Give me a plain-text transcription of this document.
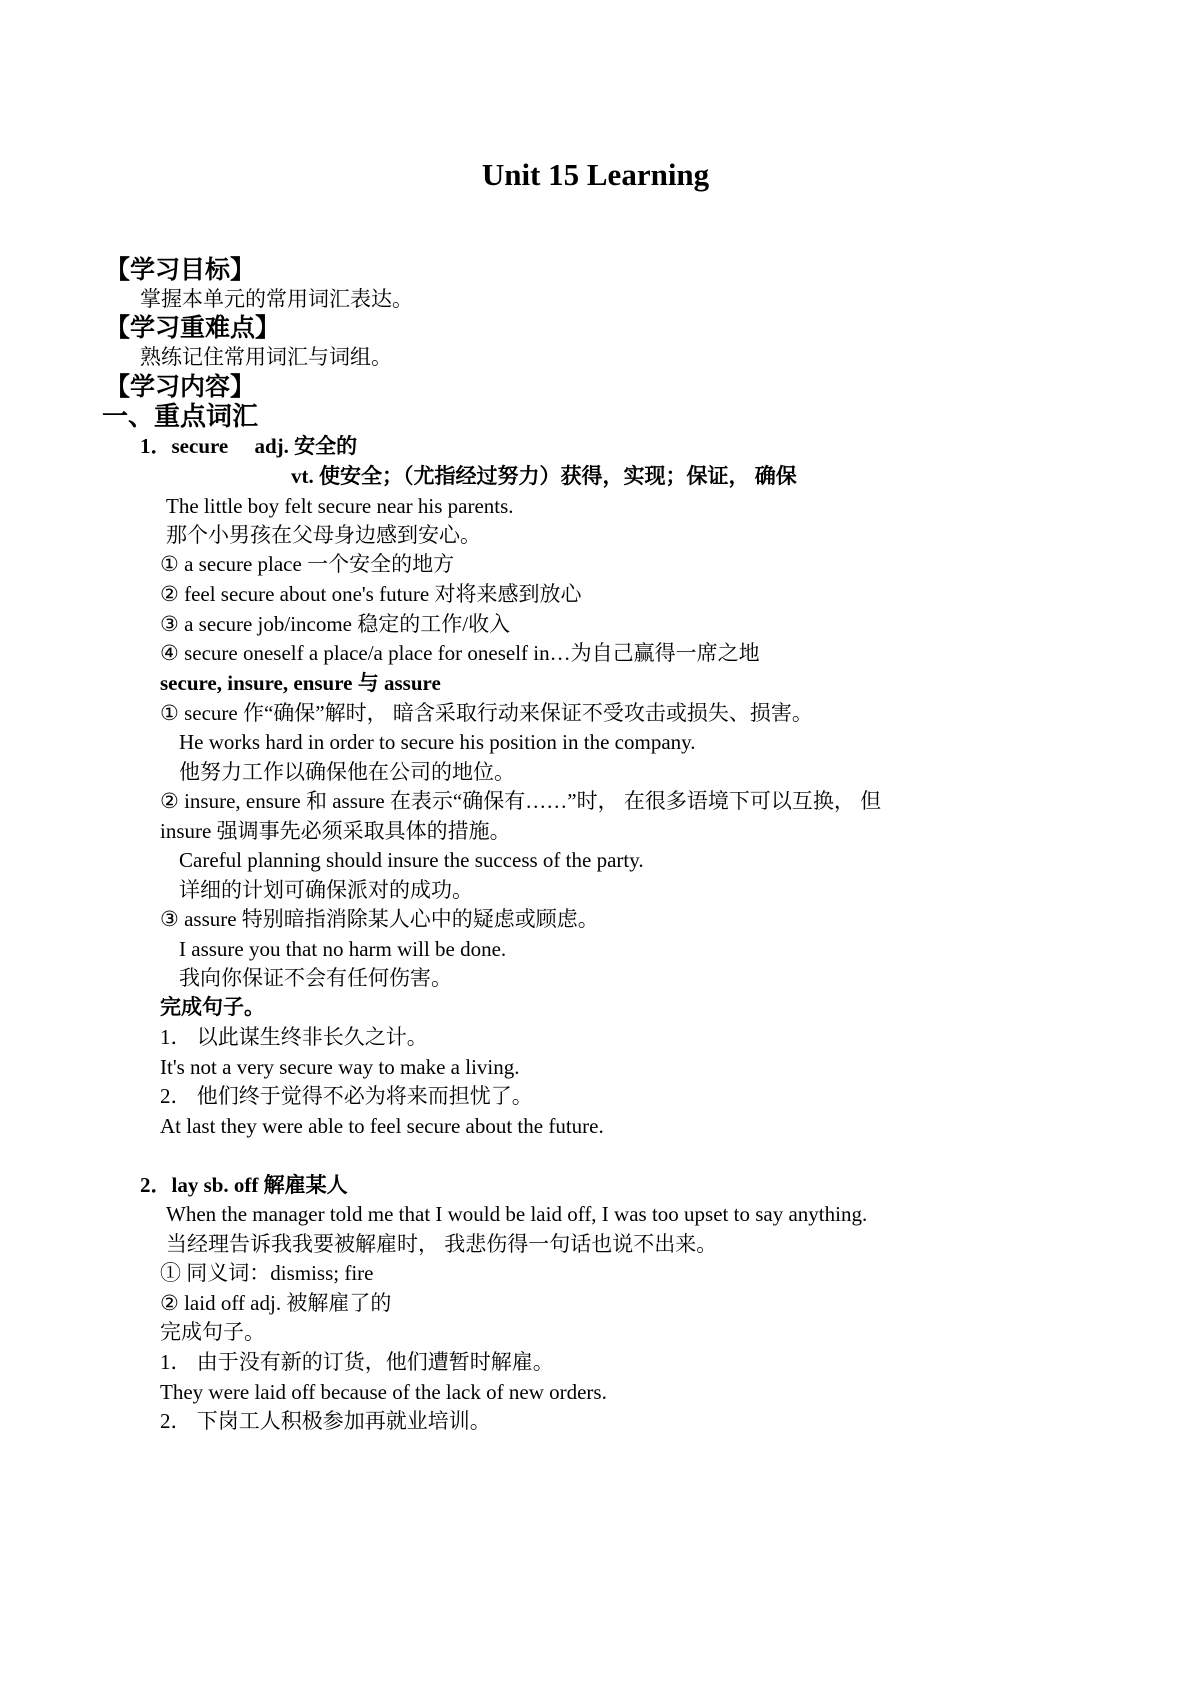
Unit 15 Learning
【学习目标】
掌握本单元的常用词汇表达。
【学习重难点】
熟练记住常用词汇与词组。
【学习内容】
一、重点词汇
1．secure　 adj. 安全的
vt. 使安全；（尤指经过努力）获得，实现；保证， 确保
The little boy felt secure near his parents.
那个小男孩在父母身边感到安心。
① a secure place 一个安全的地方
② feel secure about one's future 对将来感到放心
③ a secure job/income 稳定的工作/收入
④ secure oneself a place/a place for oneself in…为自己赢得一席之地
secure, insure, ensure 与 assure
① secure 作“确保”解时， 暗含采取行动来保证不受攻击或损失、损害。
He works hard in order to secure his position in the company.
他努力工作以确保他在公司的地位。
② insure, ensure 和 assure 在表示“确保有……”时， 在很多语境下可以互换， 但
insure 强调事先必须采取具体的措施。
Careful planning should insure the success of the party.
详细的计划可确保派对的成功。
③ assure 特别暗指消除某人心中的疑虑或顾虑。
I assure you that no harm will be done.
我向你保证不会有任何伤害。
完成句子。
1． 以此谋生终非长久之计。
It's not a very secure way to make a living.
2． 他们终于觉得不必为将来而担忧了。
At last they were able to feel secure about the future.
2．lay sb. off 解雇某人
When the manager told me that I would be laid off, I was too upset to say anything.
当经理告诉我我要被解雇时， 我悲伤得一句话也说不出来。
① 同义词：dismiss; fire
② laid off adj. 被解雇了的
完成句子。
1． 由于没有新的订货，他们遭暂时解雇。
They were laid off because of the lack of new orders.
2． 下岗工人积极参加再就业培训。
